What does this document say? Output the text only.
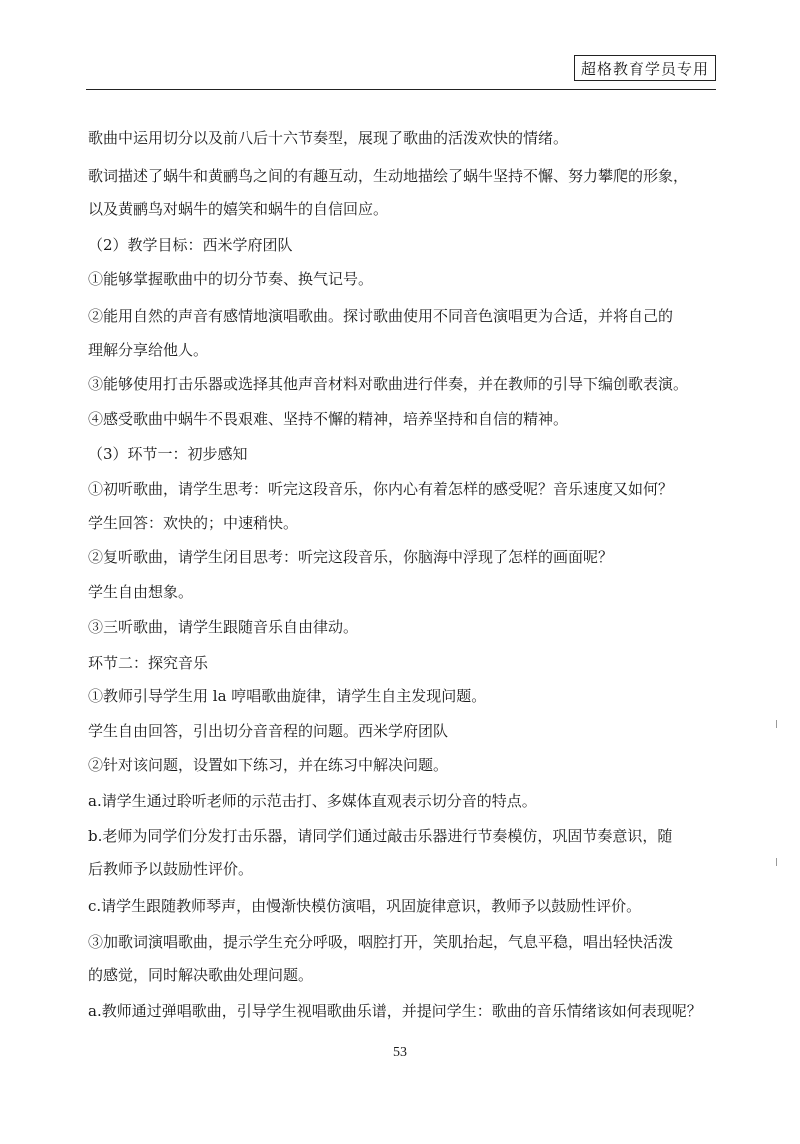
超格教育学员专用
歌曲中运用切分以及前八后十六节奏型，展现了歌曲的活泼欢快的情绪。
歌词描述了蜗牛和黄鹂鸟之间的有趣互动，生动地描绘了蜗牛坚持不懈、努力攀爬的形象，
以及黄鹂鸟对蜗牛的嬉笑和蜗牛的自信回应。
（2）教学目标：西米学府团队
①能够掌握歌曲中的切分节奏、换气记号。
②能用自然的声音有感情地演唱歌曲。探讨歌曲使用不同音色演唱更为合适，并将自己的
理解分享给他人。
③能够使用打击乐器或选择其他声音材料对歌曲进行伴奏，并在教师的引导下编创歌表演。
④感受歌曲中蜗牛不畏艰难、坚持不懈的精神，培养坚持和自信的精神。
（3）环节一：初步感知
①初听歌曲，请学生思考：听完这段音乐，你内心有着怎样的感受呢？音乐速度又如何？
学生回答：欢快的；中速稍快。
②复听歌曲，请学生闭目思考：听完这段音乐，你脑海中浮现了怎样的画面呢？
学生自由想象。
③三听歌曲，请学生跟随音乐自由律动。
环节二：探究音乐
①教师引导学生用 la 哼唱歌曲旋律，请学生自主发现问题。
学生自由回答，引出切分音音程的问题。西米学府团队
②针对该问题，设置如下练习，并在练习中解决问题。
a.请学生通过聆听老师的示范击打、多媒体直观表示切分音的特点。
b.老师为同学们分发打击乐器，请同学们通过敲击乐器进行节奏模仿，巩固节奏意识，随
后教师予以鼓励性评价。
c.请学生跟随教师琴声，由慢渐快模仿演唱，巩固旋律意识，教师予以鼓励性评价。
③加歌词演唱歌曲，提示学生充分呼吸，咽腔打开，笑肌抬起，气息平稳，唱出轻快活泼
的感觉，同时解决歌曲处理问题。
a.教师通过弹唱歌曲，引导学生视唱歌曲乐谱，并提问学生：歌曲的音乐情绪该如何表现呢？
53
